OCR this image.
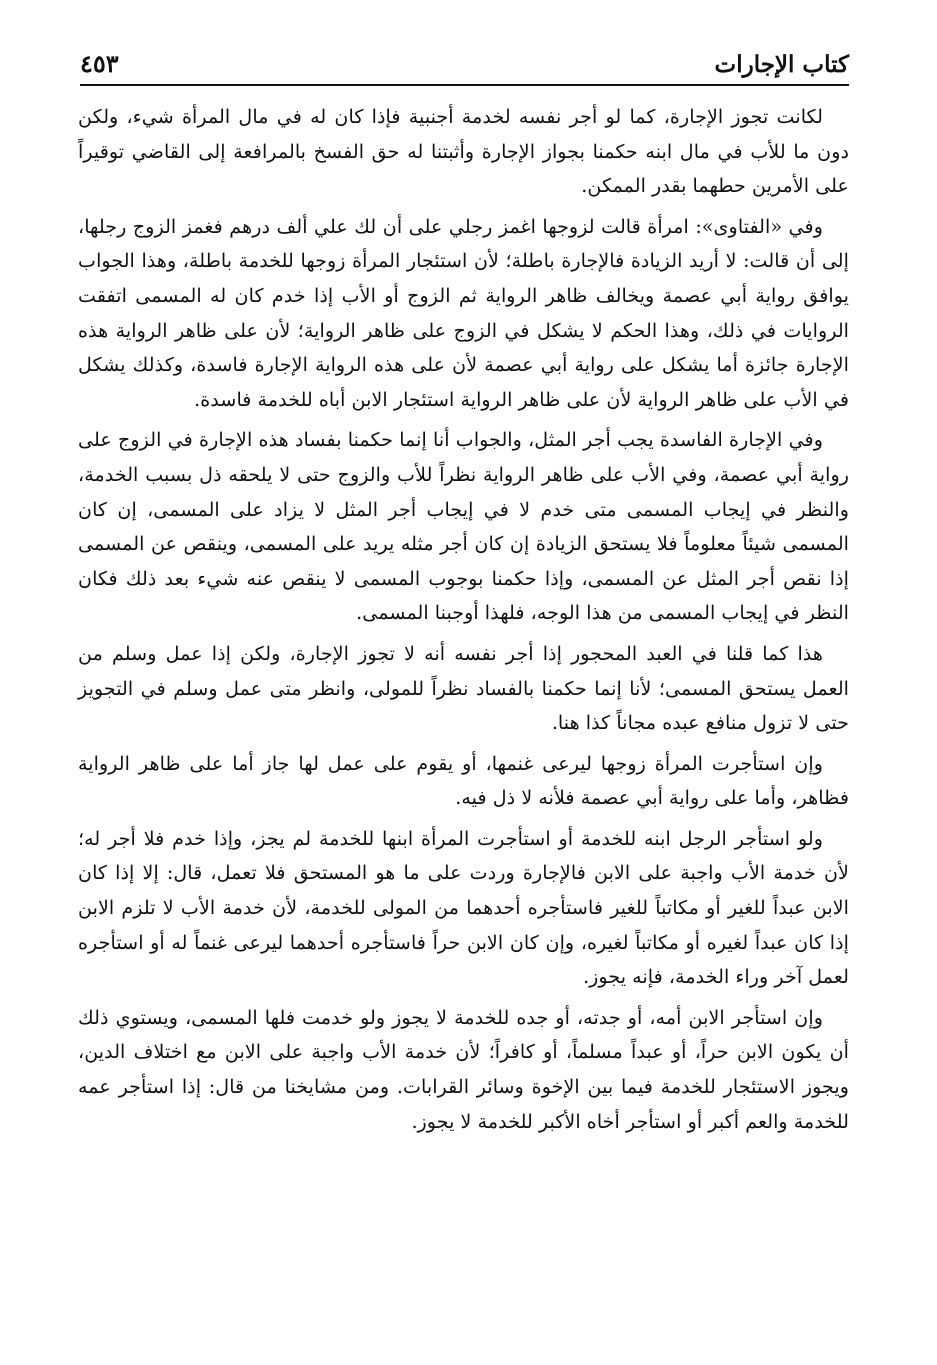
كتاب الإجارات
٤٥٣

لكانت تجوز الإجارة، كما لو أجر نفسه لخدمة أجنبية فإذا كان له في مال المرأة شيء، ولكن دون ما للأب في مال ابنه حكمنا بجواز الإجارة وأثبتنا له حق الفسخ بالمرافعة إلى القاضي توقيراً على الأمرين حطهما بقدر الممكن.

وفي «الفتاوى»: امرأة قالت لزوجها اغمز رجلي على أن لك علي ألف درهم فغمز الزوج رجلها، إلى أن قالت: لا أريد الزيادة فالإجارة باطلة؛ لأن استئجار المرأة زوجها للخدمة باطلة، وهذا الجواب يوافق رواية أبي عصمة ويخالف ظاهر الرواية ثم الزوج أو الأب إذا خدم كان له المسمى اتفقت الروايات في ذلك، وهذا الحكم لا يشكل في الزوج على ظاهر الرواية؛ لأن على ظاهر الرواية هذه الإجارة جائزة أما يشكل على رواية أبي عصمة لأن على هذه الرواية الإجارة فاسدة، وكذلك يشكل في الأب على ظاهر الرواية لأن على ظاهر الرواية استئجار الابن أباه للخدمة فاسدة.

وفي الإجارة الفاسدة يجب أجر المثل، والجواب أنا إنما حكمنا بفساد هذه الإجارة في الزوج على رواية أبي عصمة، وفي الأب على ظاهر الرواية نظراً للأب والزوج حتى لا يلحقه ذل بسبب الخدمة، والنظر في إيجاب المسمى متى خدم لا في إيجاب أجر المثل لا يزاد على المسمى، إن كان المسمى شيئاً معلوماً فلا يستحق الزيادة إن كان أجر مثله يريد على المسمى، وينقص عن المسمى إذا نقص أجر المثل عن المسمى، وإذا حكمنا بوجوب المسمى لا ينقص عنه شيء بعد ذلك فكان النظر في إيجاب المسمى من هذا الوجه، فلهذا أوجبنا المسمى.

هذا كما قلنا في العبد المحجور إذا أجر نفسه أنه لا تجوز الإجارة، ولكن إذا عمل وسلم من العمل يستحق المسمى؛ لأنا إنما حكمنا بالفساد نظراً للمولى، وانظر متى عمل وسلم في التجويز حتى لا تزول منافع عبده مجاناً كذا هنا.

وإن استأجرت المرأة زوجها ليرعى غنمها، أو يقوم على عمل لها جاز أما على ظاهر الرواية فظاهر، وأما على رواية أبي عصمة فلأنه لا ذل فيه.

ولو استأجر الرجل ابنه للخدمة أو استأجرت المرأة ابنها للخدمة لم يجز، وإذا خدم فلا أجر له؛ لأن خدمة الأب واجبة على الابن فالإجارة وردت على ما هو المستحق فلا تعمل، قال: إلا إذا كان الابن عبداً للغير أو مكاتباً للغير فاستأجره أحدهما من المولى للخدمة، لأن خدمة الأب لا تلزم الابن إذا كان عبداً لغيره أو مكاتباً لغيره، وإن كان الابن حراً فاستأجره أحدهما ليرعى غنماً له أو استأجره لعمل آخر وراء الخدمة، فإنه يجوز.

وإن استأجر الابن أمه، أو جدته، أو جده للخدمة لا يجوز ولو خدمت فلها المسمى، ويستوي ذلك أن يكون الابن حراً، أو عبداً مسلماً، أو كافراً؛ لأن خدمة الأب واجبة على الابن مع اختلاف الدين، ويجوز الاستئجار للخدمة فيما بين الإخوة وسائر القرابات. ومن مشايخنا من قال: إذا استأجر عمه للخدمة والعم أكبر أو استأجر أخاه الأكبر للخدمة لا يجوز.
